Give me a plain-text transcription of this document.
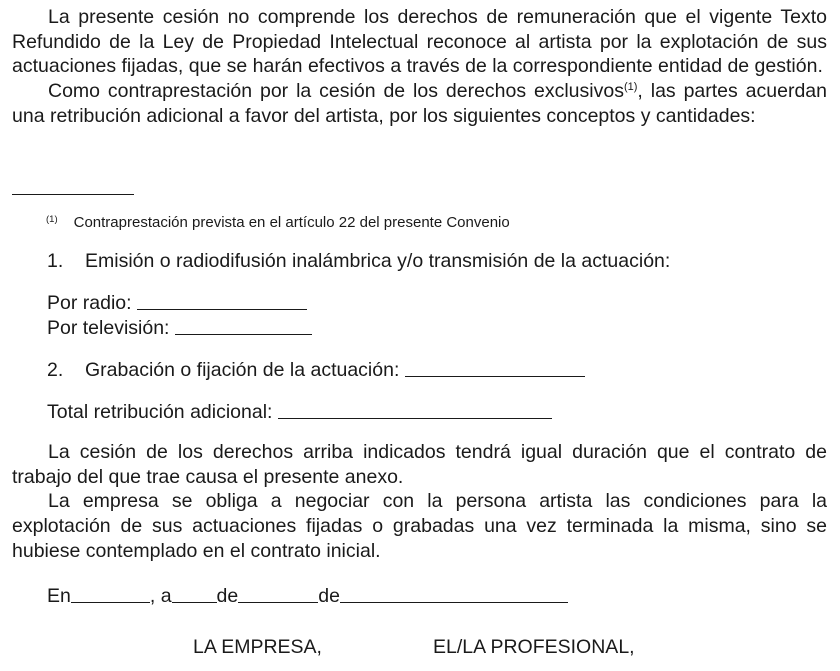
La presente cesión no comprende los derechos de remuneración que el vigente Texto Refundido de la Ley de Propiedad Intelectual reconoce al artista por la explotación de sus actuaciones fijadas, que se harán efectivos a través de la correspondiente entidad de gestión.

Como contraprestación por la cesión de los derechos exclusivos$^{(1)}$, las partes acuerdan una retribución adicional a favor del artista, por los siguientes conceptos y cantidades:

$^{(1)}$ Contraprestación prevista en el artículo 22 del presente Convenio
1. Emisión o radiodifusión inalámbrica y/o transmisión de la actuación:
Por radio:
Por televisión:
2. Grabación o fijación de la actuación:
Total retribución adicional:

La cesión de los derechos arriba indicados tendrá igual duración que el contrato de trabajo del que trae causa el presente anexo.

La empresa se obliga a negociar con la persona artista las condiciones para la explotación de sus actuaciones fijadas o grabadas una vez terminada la misma, sino se hubiese contemplado en el contrato inicial.

En	, a de	de
LA EMPRESA,	EL/LA PROFESIONAL,
